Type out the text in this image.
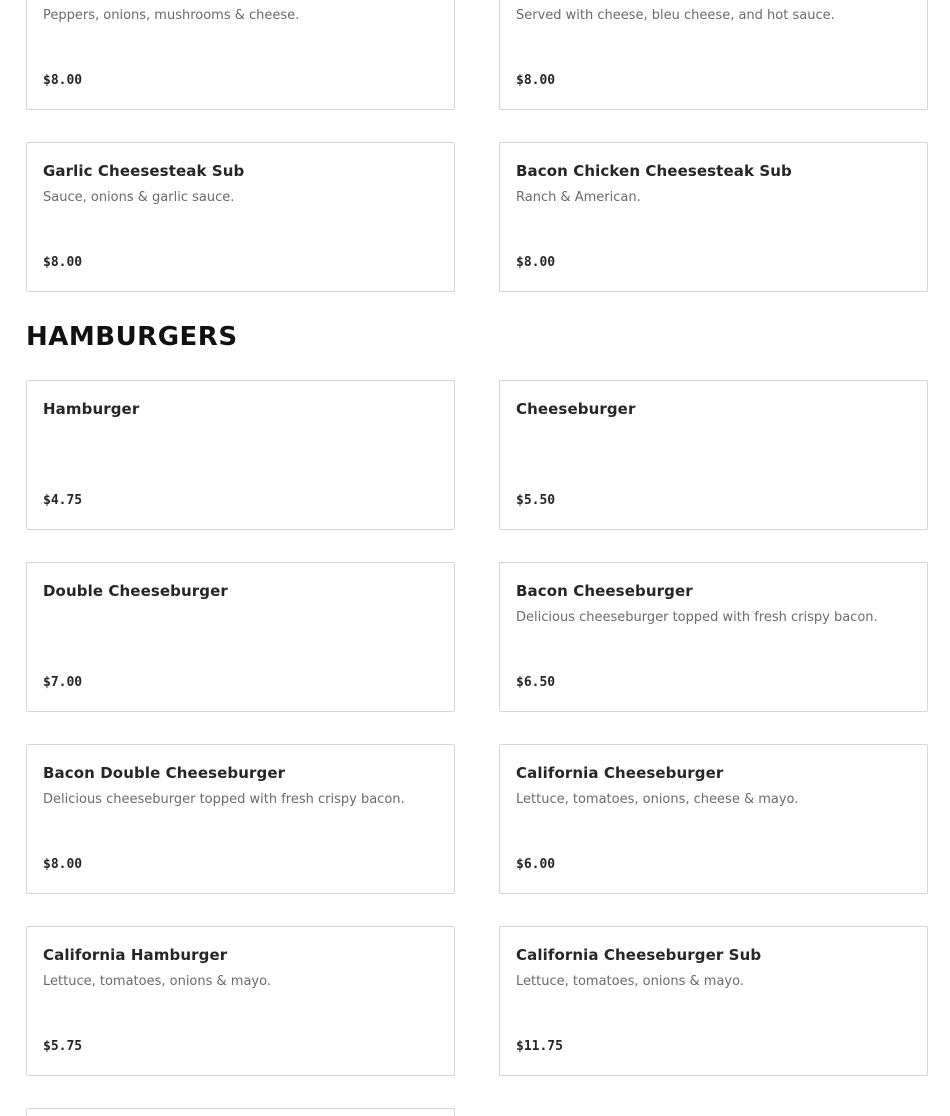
Peppers, onions, mushrooms & cheese.
$8.00
Served with cheese, bleu cheese, and hot sauce.
$8.00
Garlic Cheesesteak Sub
Sauce, onions & garlic sauce.
$8.00
Bacon Chicken Cheesesteak Sub
Ranch & American.
$8.00
HAMBURGERS
Hamburger
$4.75
Cheeseburger
$5.50
Double Cheeseburger
$7.00
Bacon Cheeseburger
Delicious cheeseburger topped with fresh crispy bacon.
$6.50
Bacon Double Cheeseburger
Delicious cheeseburger topped with fresh crispy bacon.
$8.00
California Cheeseburger
Lettuce, tomatoes, onions, cheese & mayo.
$6.00
California Hamburger
Lettuce, tomatoes, onions & mayo.
$5.75
California Cheeseburger Sub
Lettuce, tomatoes, onions & mayo.
$11.75
